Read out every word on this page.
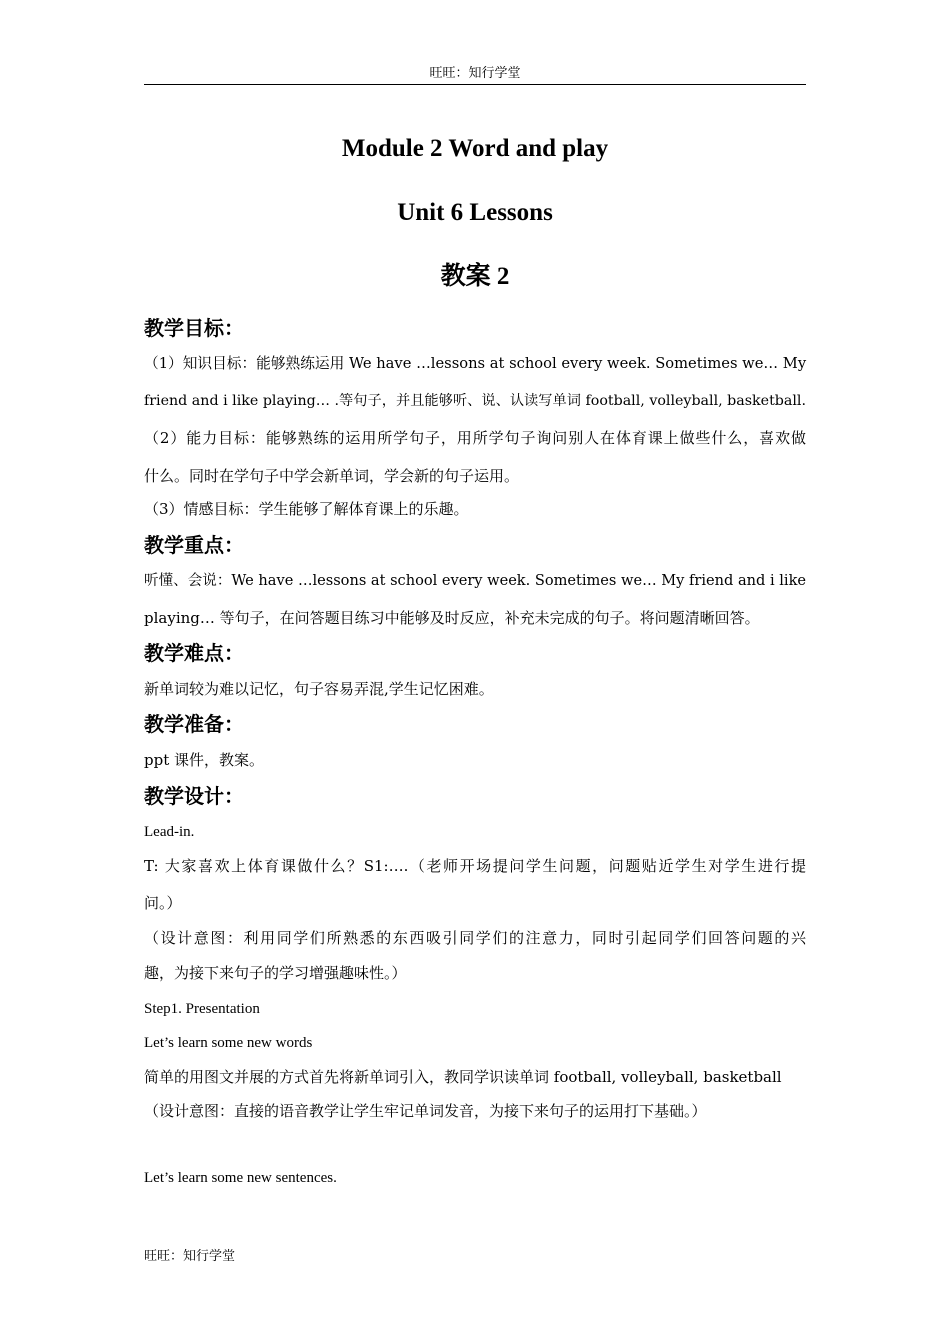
旺旺：知行学堂
Module 2 Word and play
Unit 6 Lessons
教案 2
教学目标：
（1）知识目标：能够熟练运用 We have …lessons at school every week. Sometimes we… My
friend and i like playing… .等句子，并且能够听、说、认读写单词 football, volleyball, basketball.
（2）能力目标：能够熟练的运用所学句子，用所学句子询问别人在体育课上做些什么，喜欢做
什么。同时在学句子中学会新单词，学会新的句子运用。
（3）情感目标：学生能够了解体育课上的乐趣。
教学重点：
听懂、会说：We have …lessons at school every week. Sometimes we… My friend and i like
playing… 等句子，在问答题目练习中能够及时反应，补充未完成的句子。将问题清晰回答。
教学难点：
新单词较为难以记忆，句子容易弄混,学生记忆困难。
教学准备：
ppt 课件，教案。
教学设计：
Lead-in.
T: 大家喜欢上体育课做什么？S1:….（老师开场提问学生问题，问题贴近学生对学生进行提
问。）
（设计意图：利用同学们所熟悉的东西吸引同学们的注意力，同时引起同学们回答问题的兴
趣，为接下来句子的学习增强趣味性。）
Step1. Presentation
Let’s learn some new words
简单的用图文并展的方式首先将新单词引入，教同学识读单词 football, volleyball, basketball
（设计意图：直接的语音教学让学生牢记单词发音，为接下来句子的运用打下基础。）
Let’s learn some new sentences.
旺旺：知行学堂
